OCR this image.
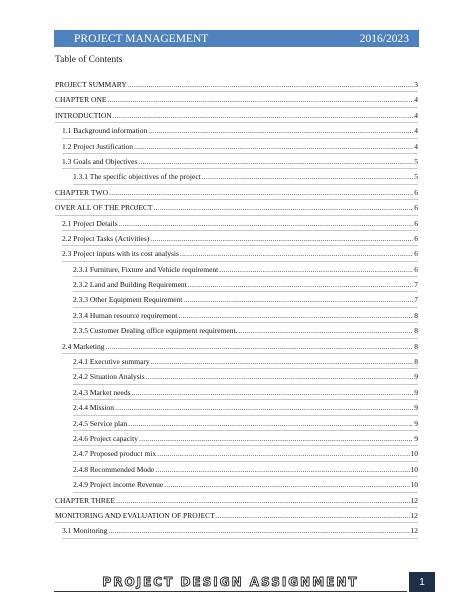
PROJECT MANAGEMENT	2016/2023
Table of Contents
PROJECT SUMMARY .....	3
CHAPTER ONE .....	4
INTRODUCTION .....	4
1.1 Background information .....	4
1.2 Project Justification .....	4
1.3 Goals and Objectives .....	5
1.3.1 The specific objectives of the project .....	5
CHAPTER TWO .....	6
OVER ALL OF THE PROJECT .....	6
2.1 Project Details .....	6
2.2 Project Tasks (Activities) .....	6
2.3 Project inputs with its cost analysis .....	6
2.3.1 Furniture, Fixture and Vehicle requirement .....	6
2.3.2 Land and Building Requirement .....	7
2.3.3 Other Equipment Requirement .....	7
2.3.4 Human resource requirement .....	8
2.3.5 Customer Dealing office equipment requirement. .....	8
2.4 Marketing .....	8
2.4.1 Executive summary .....	8
2.4.2 Situation Analysis .....	9
2.4.3 Market needs .....	9
2.4.4 Mission .....	9
2.4.5 Service plan .....	9
2.4.6 Project capacity .....	9
2.4.7 Proposed product mix .....	10
2.4.8 Recommended Mode .....	10
2.4.9 Project income Revenue .....	10
CHAPTER THREE .....	12
MONITORING AND EVALUATION OF PROJECT .....	12
3.1 Monitoring .....	12
PROJECT DESIGN ASSIGNMENT	1
